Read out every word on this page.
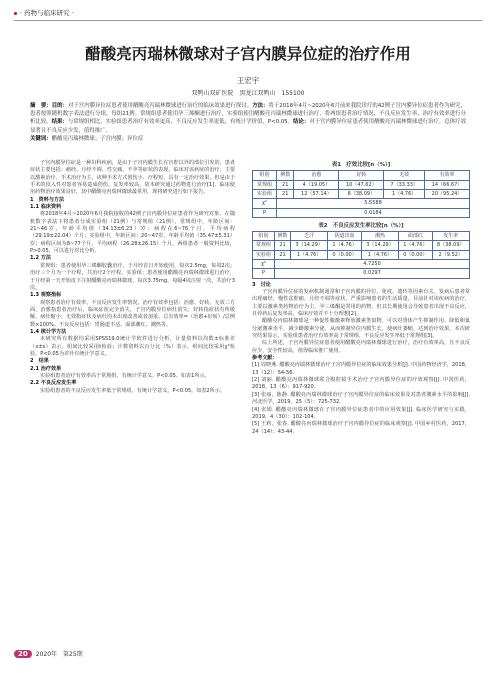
· 药物与临床研究 ·
醋酸亮丙瑞林微球对子宫内膜异位症的治疗作用
王宏宇
双鸭山双矿医院　黑龙江双鸭山　155100

摘　要：目的：对于宫内膜异位症患者使用醋酸亮丙瑞林微球进行治疗的临床效果进行探讨。方法：将于2018年4月~2020年6月前来我院诊疗的42例子宫内膜异位症患者作为研究，患者按照随机数字表法进行分组，每组21例。常规组患者使用孕三烯酮进行治疗，实验组使用醋酸亮丙瑞林微球进行治疗，将两组患者治疗情况、不良反应发生率、治疗有效率进行分析比较。结果：与常规组相比，实验组患者治疗有效率更高，不良反应发生率更低，有统计学价值，P<0.05。结论：对于宫内膜异位症患者使用醋酸亮丙瑞林微球进行治疗，总体疗效显著且不良反应少发，值得推广。

关键词：醋酸亮丙瑞林微球；子宫内膜；异位症

子宫内膜异位症是一种妇科疾病，是由于子宫内膜生长在宫腔以外的部位引发的，患者症状主要包括：痛经、月经不调、性交痛、不孕等症状的表现，临床对该病症的治疗，主要以激素治疗、手术治疗为主，该种手术方式创伤小、疗程短，具有一定治疗效果，但是由于手术的侵入性对患者容易造成创伤，复发率较高，故本研究通过药物进行治疗[1]，临床使用药物治疗效果良好，其中醋酸亮丙瑞林微球最常用，现将研究进行如下报告。

1　资料与方法

1.1 临床资料

将2018年4月~2020年6月我院接收的42例子宫内膜异位症患者作为研究对象，在随机数字表法下将患者分成实验组（21例）与常规组（21例），常规组中，年龄区间：21~46岁，年龄平均值（34.13±6.23）岁；病程在6~76个月，平均病程（29.19±22.04）个月；实验组中，年龄区间：20~47岁，年龄平均值（35.47±5.31）岁；病程区间为8~77个月，平均病程（26.28±26.15）个月。两组患者一般资料比较，P>0.05，可以进行对比分析。

1.2 方法

常规组：患者使用孕三烯酮胶囊治疗，于月经首日开始使用，每次2.5mg，每周2次；治疗三个月为一个疗程，共治疗2个疗程。实验组：患者使用醋酸亮丙瑞林微球进行治疗，于月经第一天开始皮下注射醋酸亮丙瑞林微球，每次3.75mg，每隔4周注射一次，共治疗3次。

1.3 观察指标

观察患者治疗有效率、不良反应发生率情况。治疗有效率包括：治愈、好转、无效三方面，治愈指患者治疗后，临床症状完全消失，子宫内膜异位病灶消失；好转指症状有所缓解，病灶缩小；无效指症状及病灶均未出现改善或者加重。总有效率=（治愈+好转）/总例数×100%。不良反应包括：胃肠道不适、面部潮红、潮热等。

1.4 统计学方法

本研究所有数据均采用SPSS19.0统计学软件进行分析，计量资料以均数±标准差（x±s）表示，组间比较采用t检验；计数资料以百分比（%）表示，组间比较采用χ²检验。P<0.05为差异有统计学意义。

2　结果

2.1 治疗效果

实验组患者治疗有效率高于常规组，有统计学意义，P<0.05。如表1所示。

2.2 不良反应发生率

实验组患者的不良反应发生率低于常规组，有统计学意义，P<0.05。如表2所示。

表1　疗效比较[n（%）]
组别	例数	治愈	好转	无效	有效率
常规组	21	4（19.05）	10（47.62）	7（33.33）	14（66.67）
实验组	21	12（57.14）	8（38.09）	1（4.76）	20（95.24）
χ²	5.5588				
P	0.0184				
表2　不良反应发生率比较[n（%）]
组别	例数	乏汗	阴道出血	潮热	面部红	发生率
常规组	21	3（14.29）	1（4.76）	3（14.29）	1（4.76）	8（38.09）
实验组	21	1（4.76）	0（0.00）	1（4.76）	0（0.00）	2（9.52）
χ²	4.7250					
P	0.0297					

3　讨论

子宫内膜异位症的发病机制通常和子宫内膜的异位、免疫、遗传等因素有关。发病后患者常出现痛经、慢性盆腔痛、月经不调等症状，严重影响患者的生活质量。目前针对该疾病的治疗，主要以激素类药物治疗为主，孕三烯酮是常用的药物，但其长期使用会导致患者出现不良反应，且停药后复发率高，临床疗效并不十分理想[2]。

醋酸亮丙瑞林微球是一种促性腺激素释放激素类似物，可以对垂体产生抑制作用，降低卵巢分泌激素水平，减少雌激素分泌，从而抑制异位内膜生长，使病灶萎缩，达到治疗效果。本次研究结果显示，实验组患者治疗有效率高于常规组，不良反应发生率低于常规组[3]。

综上所述，子宫内膜异位症患者使用醋酸亮丙瑞林微球进行治疗，治疗有效率高，且不良反应少，安全性较高，值得临床推广使用。

参考文献：

[1] 周晓燕. 醋酸亮丙瑞林微球治疗子宫内膜异位症的临床效果分析[J]. 中国药物经济学，2018，13（12）：54-56.

[2] 刘丽. 醋酸亮丙瑞林微球联合腹腔镜手术治疗子宫内膜异位症的疗效观察[J]. 中国医药，2018，13（6）：917-920.

[3] 张丽，陈静. 醋酸亮丙瑞林微球治疗子宫内膜异位症的临床效果及对患者激素水平的影响[J]. 河北医学，2019，25（5）：725-732.

[4] 张娟. 醋酸亮丙瑞林微球在子宫内膜异位症患者中的应用效果[J]. 临床医学研究与实践，2019，4（30）：102-104.

[5] 王莉，张春. 醋酸亮丙瑞林微球治疗子宫内膜异位症的临床观察[J]. 中国乡村医药，2017，24（14）：43-44.

20 2020年　第25期
